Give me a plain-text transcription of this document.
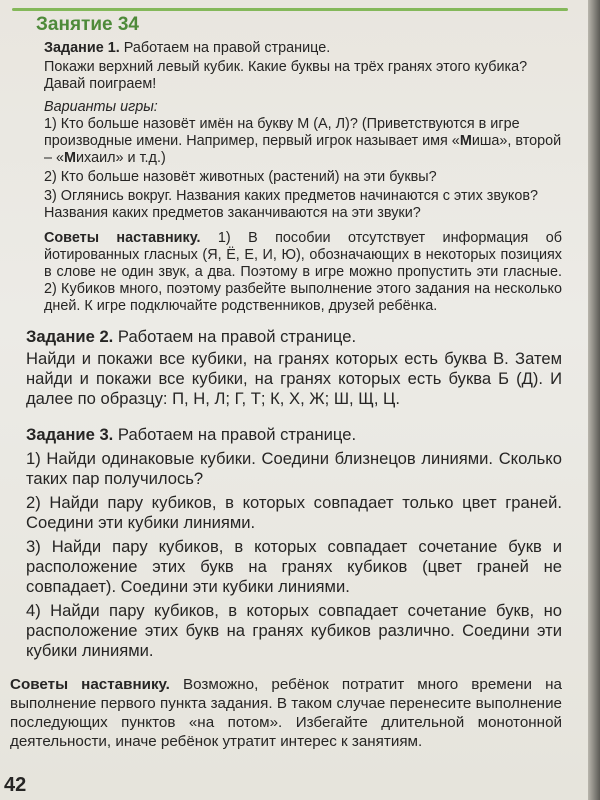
Занятие 34

Задание 1. Работаем на правой странице.

Покажи верхний левый кубик. Какие буквы на трёх гранях этого кубика? Давай поиграем!

Варианты игры:

1) Кто больше назовёт имён на букву М (А, Л)? (Приветствуются в игре производные имени. Например, первый игрок называет имя «Миша», второй – «Михаил» и т.д.)

2) Кто больше назовёт животных (растений) на эти буквы?

3) Оглянись вокруг. Названия каких предметов начинаются с этих звуков? Названия каких предметов заканчиваются на эти звуки?

Советы наставнику. 1) В пособии отсутствует информация об йотированных гласных (Я, Ё, Е, И, Ю), обозначающих в некоторых позициях в слове не один звук, а два. Поэтому в игре можно пропустить эти гласные. 2) Кубиков много, поэтому разбейте выполнение этого задания на несколько дней. К игре подключайте родственников, друзей ребёнка.

Задание 2. Работаем на правой странице.

Найди и покажи все кубики, на гранях которых есть буква В. Затем найди и покажи все кубики, на гранях которых есть буква Б (Д). И далее по образцу: П, Н, Л; Г, Т; К, Х, Ж; Ш, Щ, Ц.

Задание 3. Работаем на правой странице.

1) Найди одинаковые кубики. Соедини близнецов линиями. Сколько таких пар получилось?

2) Найди пару кубиков, в которых совпадает только цвет граней. Соедини эти кубики линиями.

3) Найди пару кубиков, в которых совпадает сочетание букв и расположение этих букв на гранях кубиков (цвет граней не совпадает). Соедини эти кубики линиями.

4) Найди пару кубиков, в которых совпадает сочетание букв, но расположение этих букв на гранях кубиков различно. Соедини эти кубики линиями.

Советы наставнику. Возможно, ребёнок потратит много времени на выполнение первого пункта задания. В таком случае перенесите выполнение последующих пунктов «на потом». Избегайте длительной монотонной деятельности, иначе ребёнок утратит интерес к занятиям.

42
